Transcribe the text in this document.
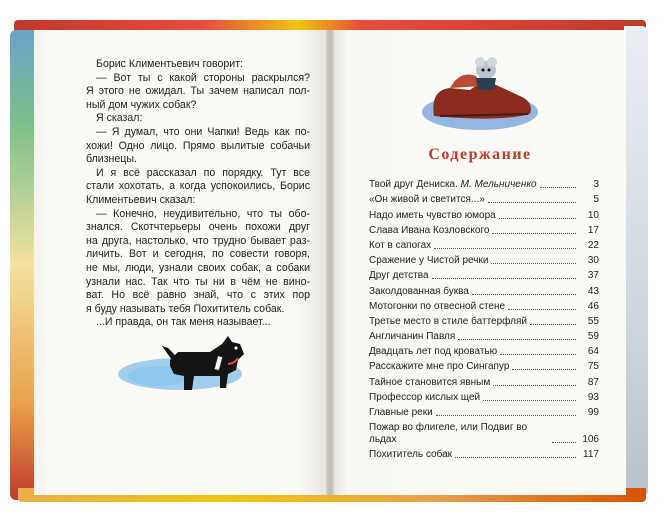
Борис Климентьевич говорит:
— Вот ты с какой стороны раскрылся?
Я этого не ожидал. Ты зачем написал пол-
ный дом чужих собак?
Я сказал:
— Я думал, что они Чапки! Ведь как по-
хожи! Одно лицо. Прямо вылитые собачьи
близнецы.
И я всё рассказал по порядку. Тут все
стали хохотать, а когда успокоились, Борис
Климентьевич сказал:
— Конечно, неудивительно, что ты обо-
знался. Скотчтерьеры очень похожи друг
на друга, настолько, что трудно бывает раз-
личить. Вот и сегодня, по совести говоря,
не мы, люди, узнали своих собак, а собаки
узнали нас. Так что ты ни в чём не вино-
ват. Но всё равно знай, что с этих пор
я буду называть тебя Похититель собак.
...И правда, он так меня называет...
Содержание
Твой друг Дениска. М. Мельниченко	3
«Он живой и светится...»	5
Надо иметь чувство юмора	10
Слава Ивана Козловского	17
Кот в сапогах	22
Сражение у Чистой речки	30
Друг детства	37
Заколдованная буква	43
Мотогонки по отвесной стене	46
Третье место в стиле баттерфляй	55
Англичанин Павля	59
Двадцать лет под кроватью	64
Расскажите мне про Сингапур	75
Тайное становится явным	87
Профессор кислых щей	93
Главные реки	99
Пожар во флигеле, или Подвиг во льдах	106
Похититель собак	117
